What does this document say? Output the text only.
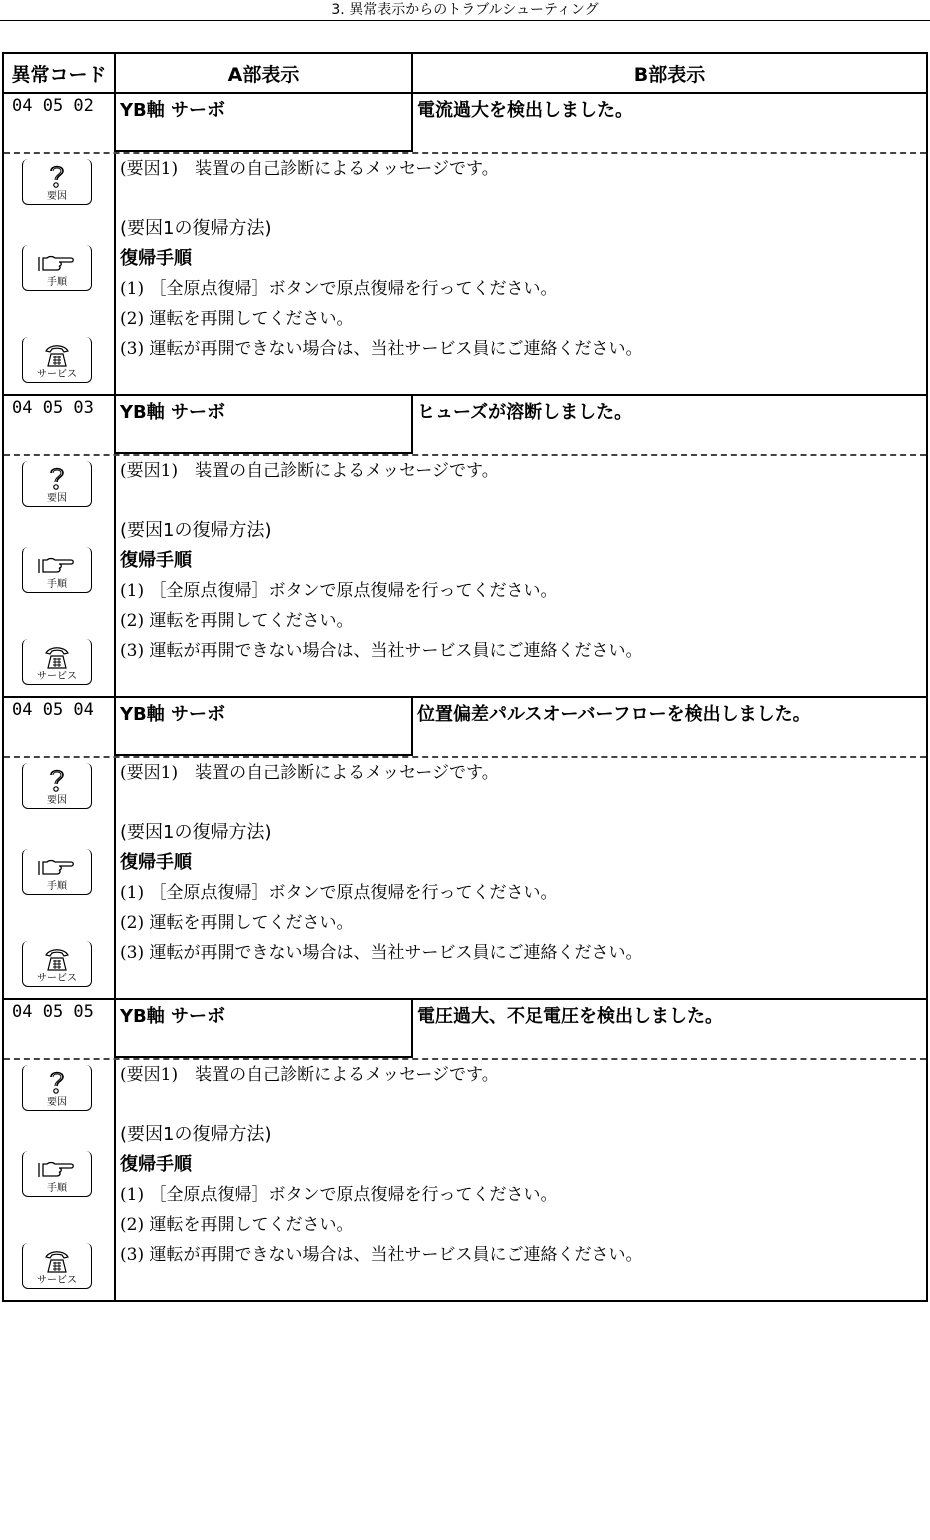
3. 異常表示からのトラブルシューティング
異常コード	A部表示	B部表示
04 05 02	YB軸 サーボ	電流過大を検出しました。
要因
手順
サービス
(要因1)　装置の自己診断によるメッセージです。
(要因1の復帰方法)
復帰手順
(1) ［全原点復帰］ボタンで原点復帰を行ってください。
(2) 運転を再開してください。
(3) 運転が再開できない場合は、当社サービス員にご連絡ください。
04 05 03	YB軸 サーボ	ヒューズが溶断しました。
要因
手順
サービス
(要因1)　装置の自己診断によるメッセージです。
(要因1の復帰方法)
復帰手順
(1) ［全原点復帰］ボタンで原点復帰を行ってください。
(2) 運転を再開してください。
(3) 運転が再開できない場合は、当社サービス員にご連絡ください。
04 05 04	YB軸 サーボ	位置偏差パルスオーバーフローを検出しました。
要因
手順
サービス
(要因1)　装置の自己診断によるメッセージです。
(要因1の復帰方法)
復帰手順
(1) ［全原点復帰］ボタンで原点復帰を行ってください。
(2) 運転を再開してください。
(3) 運転が再開できない場合は、当社サービス員にご連絡ください。
04 05 05	YB軸 サーボ	電圧過大、不足電圧を検出しました。
要因
手順
サービス
(要因1)　装置の自己診断によるメッセージです。
(要因1の復帰方法)
復帰手順
(1) ［全原点復帰］ボタンで原点復帰を行ってください。
(2) 運転を再開してください。
(3) 運転が再開できない場合は、当社サービス員にご連絡ください。
